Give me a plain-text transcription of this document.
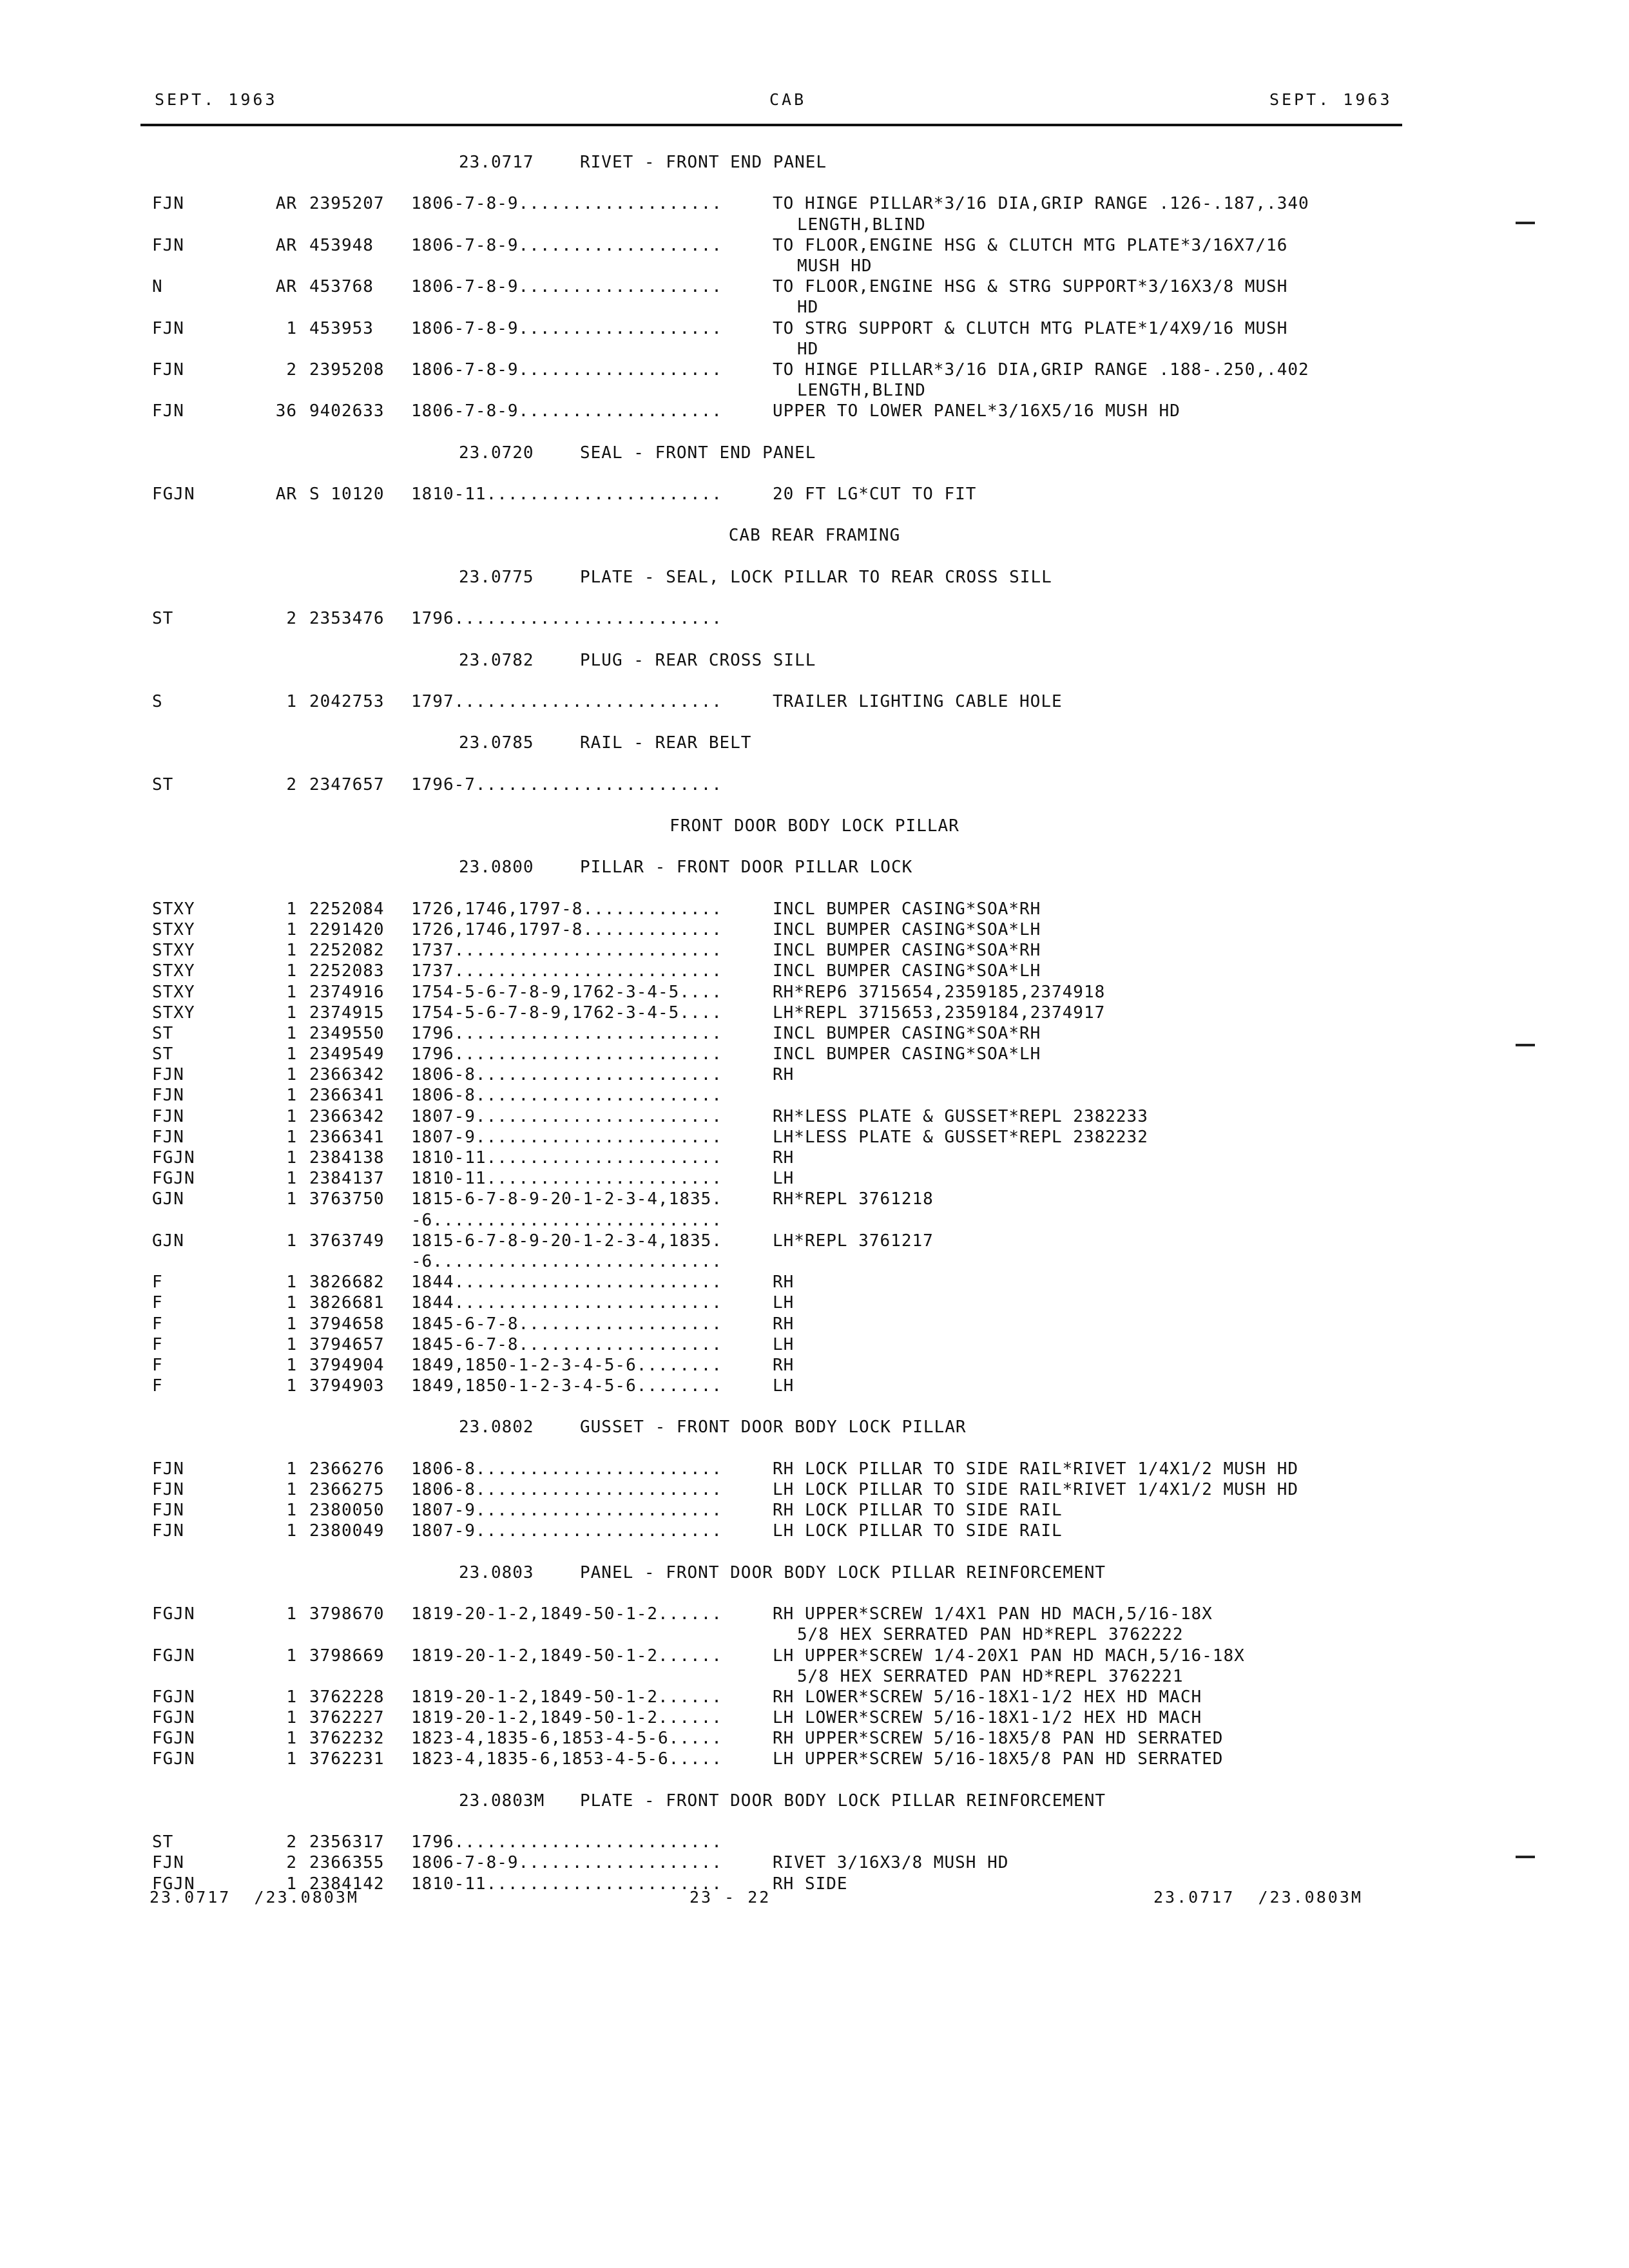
SEPT. 1963	CAB	SEPT. 1963
23.0717	RIVET - FRONT END PANEL
FJN	AR 2395207 1806-7-8-9...................	TO HINGE PILLAR*3/16 DIA,GRIP RANGE .126-.187,.340
LENGTH,BLIND
FJN	AR 453948 1806-7-8-9...................	TO FLOOR,ENGINE HSG & CLUTCH MTG PLATE*3/16X7/16
MUSH HD
N	AR 453768 1806-7-8-9...................	TO FLOOR,ENGINE HSG & STRG SUPPORT*3/16X3/8 MUSH
HD
FJN	1 453953 1806-7-8-9...................	TO STRG SUPPORT & CLUTCH MTG PLATE*1/4X9/16 MUSH
HD
FJN	2 2395208 1806-7-8-9...................	TO HINGE PILLAR*3/16 DIA,GRIP RANGE .188-.250,.402
LENGTH,BLIND
FJN	36 9402633 1806-7-8-9...................	UPPER TO LOWER PANEL*3/16X5/16 MUSH HD
23.0720	SEAL - FRONT END PANEL
FGJN	AR S 10120 1810-11......................	20 FT LG*CUT TO FIT
CAB REAR FRAMING
23.0775	PLATE - SEAL, LOCK PILLAR TO REAR CROSS SILL
ST	2 2353476 1796.........................
23.0782	PLUG - REAR CROSS SILL
S	1 2042753 1797.........................	TRAILER LIGHTING CABLE HOLE
23.0785	RAIL - REAR BELT
ST	2 2347657 1796-7.......................
FRONT DOOR BODY LOCK PILLAR
23.0800	PILLAR - FRONT DOOR PILLAR LOCK
STXY	1 2252084 1726,1746,1797-8.............	INCL BUMPER CASING*SOA*RH
STXY	1 2291420 1726,1746,1797-8.............	INCL BUMPER CASING*SOA*LH
STXY	1 2252082 1737.........................	INCL BUMPER CASING*SOA*RH
STXY	1 2252083 1737.........................	INCL BUMPER CASING*SOA*LH
STXY	1 2374916 1754-5-6-7-8-9,1762-3-4-5....	RH*REP6 3715654,2359185,2374918
STXY	1 2374915 1754-5-6-7-8-9,1762-3-4-5....	LH*REPL 3715653,2359184,2374917
ST	1 2349550 1796.........................	INCL BUMPER CASING*SOA*RH
ST	1 2349549 1796.........................	INCL BUMPER CASING*SOA*LH
FJN	1 2366342 1806-8.......................	RH
FJN	1 2366341 1806-8.......................
FJN	1 2366342 1807-9.......................	RH*LESS PLATE & GUSSET*REPL 2382233
FJN	1 2366341 1807-9.......................	LH*LESS PLATE & GUSSET*REPL 2382232
FGJN	1 2384138 1810-11......................	RH
FGJN	1 2384137 1810-11......................	LH
GJN	1 3763750 1815-6-7-8-9-20-1-2-3-4,1835.	RH*REPL 3761218
-6...........................
GJN	1 3763749 1815-6-7-8-9-20-1-2-3-4,1835.	LH*REPL 3761217
-6...........................
F	1 3826682 1844.........................	RH
F	1 3826681 1844.........................	LH
F	1 3794658 1845-6-7-8...................	RH
F	1 3794657 1845-6-7-8...................	LH
F	1 3794904 1849,1850-1-2-3-4-5-6........	RH
F	1 3794903 1849,1850-1-2-3-4-5-6........	LH
23.0802	GUSSET - FRONT DOOR BODY LOCK PILLAR
FJN	1 2366276 1806-8.......................	RH LOCK PILLAR TO SIDE RAIL*RIVET 1/4X1/2 MUSH HD
FJN	1 2366275 1806-8.......................	LH LOCK PILLAR TO SIDE RAIL*RIVET 1/4X1/2 MUSH HD
FJN	1 2380050 1807-9.......................	RH LOCK PILLAR TO SIDE RAIL
FJN	1 2380049 1807-9.......................	LH LOCK PILLAR TO SIDE RAIL
23.0803	PANEL - FRONT DOOR BODY LOCK PILLAR REINFORCEMENT
FGJN	1 3798670 1819-20-1-2,1849-50-1-2......	RH UPPER*SCREW 1/4X1 PAN HD MACH,5/16-18X
5/8 HEX SERRATED PAN HD*REPL 3762222
FGJN	1 3798669 1819-20-1-2,1849-50-1-2......	LH UPPER*SCREW 1/4-20X1 PAN HD MACH,5/16-18X
5/8 HEX SERRATED PAN HD*REPL 3762221
FGJN	1 3762228 1819-20-1-2,1849-50-1-2......	RH LOWER*SCREW 5/16-18X1-1/2 HEX HD MACH
FGJN	1 3762227 1819-20-1-2,1849-50-1-2......	LH LOWER*SCREW 5/16-18X1-1/2 HEX HD MACH
FGJN	1 3762232 1823-4,1835-6,1853-4-5-6.....	RH UPPER*SCREW 5/16-18X5/8 PAN HD SERRATED
FGJN	1 3762231 1823-4,1835-6,1853-4-5-6.....	LH UPPER*SCREW 5/16-18X5/8 PAN HD SERRATED
23.0803M PLATE - FRONT DOOR BODY LOCK PILLAR REINFORCEMENT
ST	2 2356317 1796.........................
FJN	2 2366355 1806-7-8-9...................	RIVET 3/16X3/8 MUSH HD
FGJN	1 2384142 1810-11......................	RH SIDE
23.0717  /23.0803M	23 - 22	23.0717  /23.0803M
